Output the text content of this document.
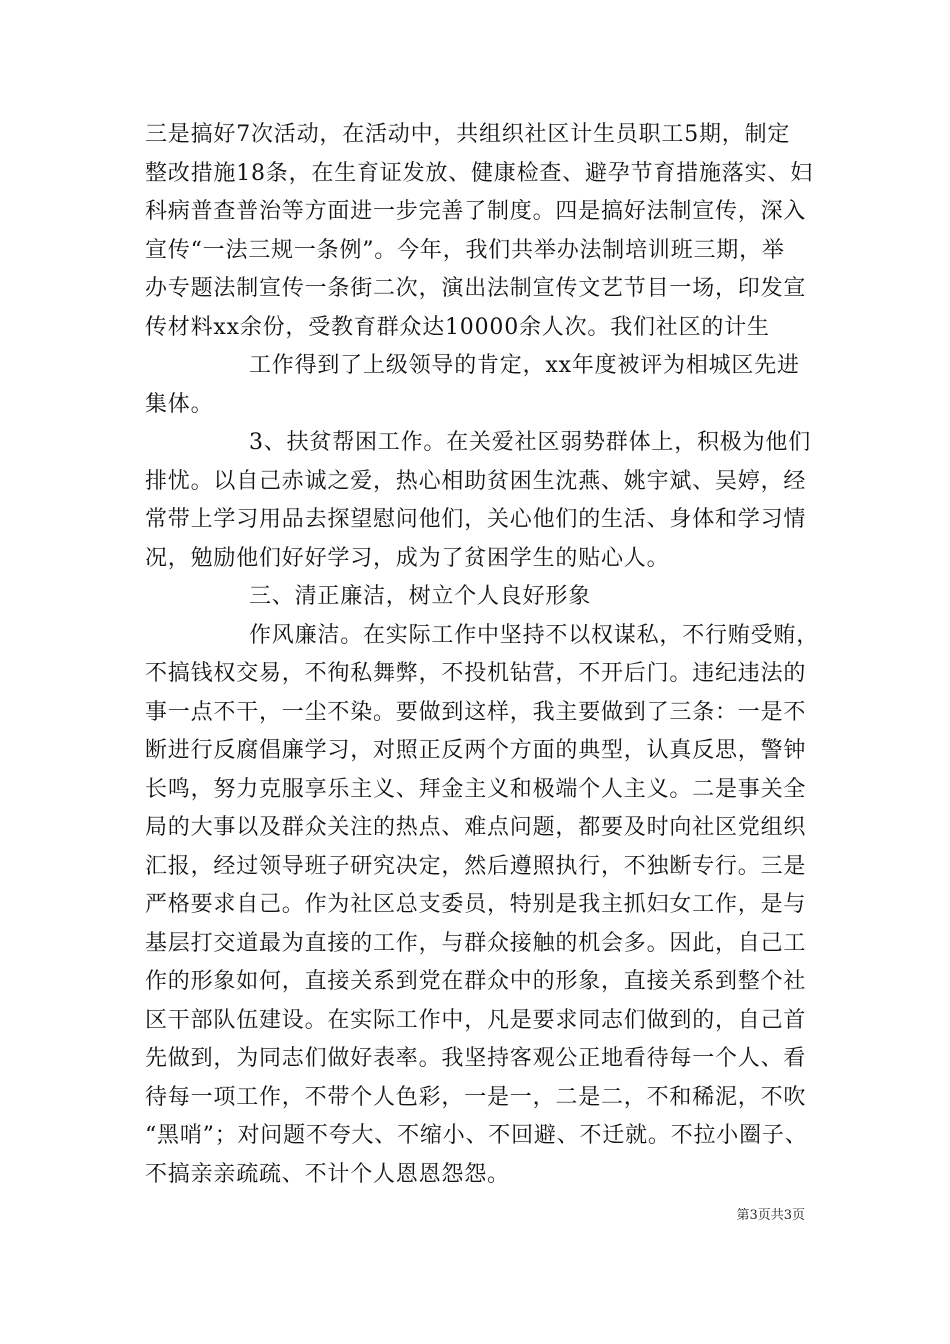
三是搞好7次活动，在活动中，共组织社区计生员职工5期，制定
整改措施18条，在生育证发放、健康检查、避孕节育措施落实、妇
科病普查普治等方面进一步完善了制度。四是搞好法制宣传，深入
宣传“一法三规一条例”。今年，我们共举办法制培训班三期，举
办专题法制宣传一条街二次，演出法制宣传文艺节目一场，印发宣
传材料xx余份，受教育群众达10000余人次。我们社区的计生
工作得到了上级领导的肯定，xx年度被评为相城区先进
集体。
3、扶贫帮困工作。在关爱社区弱势群体上，积极为他们
排忧。以自己赤诚之爱，热心相助贫困生沈燕、姚宇斌、吴婷，经
常带上学习用品去探望慰问他们，关心他们的生活、身体和学习情
况，勉励他们好好学习，成为了贫困学生的贴心人。
三、清正廉洁，树立个人良好形象
作风廉洁。在实际工作中坚持不以权谋私，不行贿受贿，
不搞钱权交易，不徇私舞弊，不投机钻营，不开后门。违纪违法的
事一点不干，一尘不染。要做到这样，我主要做到了三条：一是不
断进行反腐倡廉学习，对照正反两个方面的典型，认真反思，警钟
长鸣，努力克服享乐主义、拜金主义和极端个人主义。二是事关全
局的大事以及群众关注的热点、难点问题，都要及时向社区党组织
汇报，经过领导班子研究决定，然后遵照执行，不独断专行。三是
严格要求自己。作为社区总支委员，特别是我主抓妇女工作，是与
基层打交道最为直接的工作，与群众接触的机会多。因此，自己工
作的形象如何，直接关系到党在群众中的形象，直接关系到整个社
区干部队伍建设。在实际工作中，凡是要求同志们做到的，自己首
先做到，为同志们做好表率。我坚持客观公正地看待每一个人、看
待每一项工作，不带个人色彩，一是一，二是二，不和稀泥，不吹
“黑哨”；对问题不夸大、不缩小、不回避、不迁就。不拉小圈子、
不搞亲亲疏疏、不计个人恩恩怨怨。
第3页共3页
